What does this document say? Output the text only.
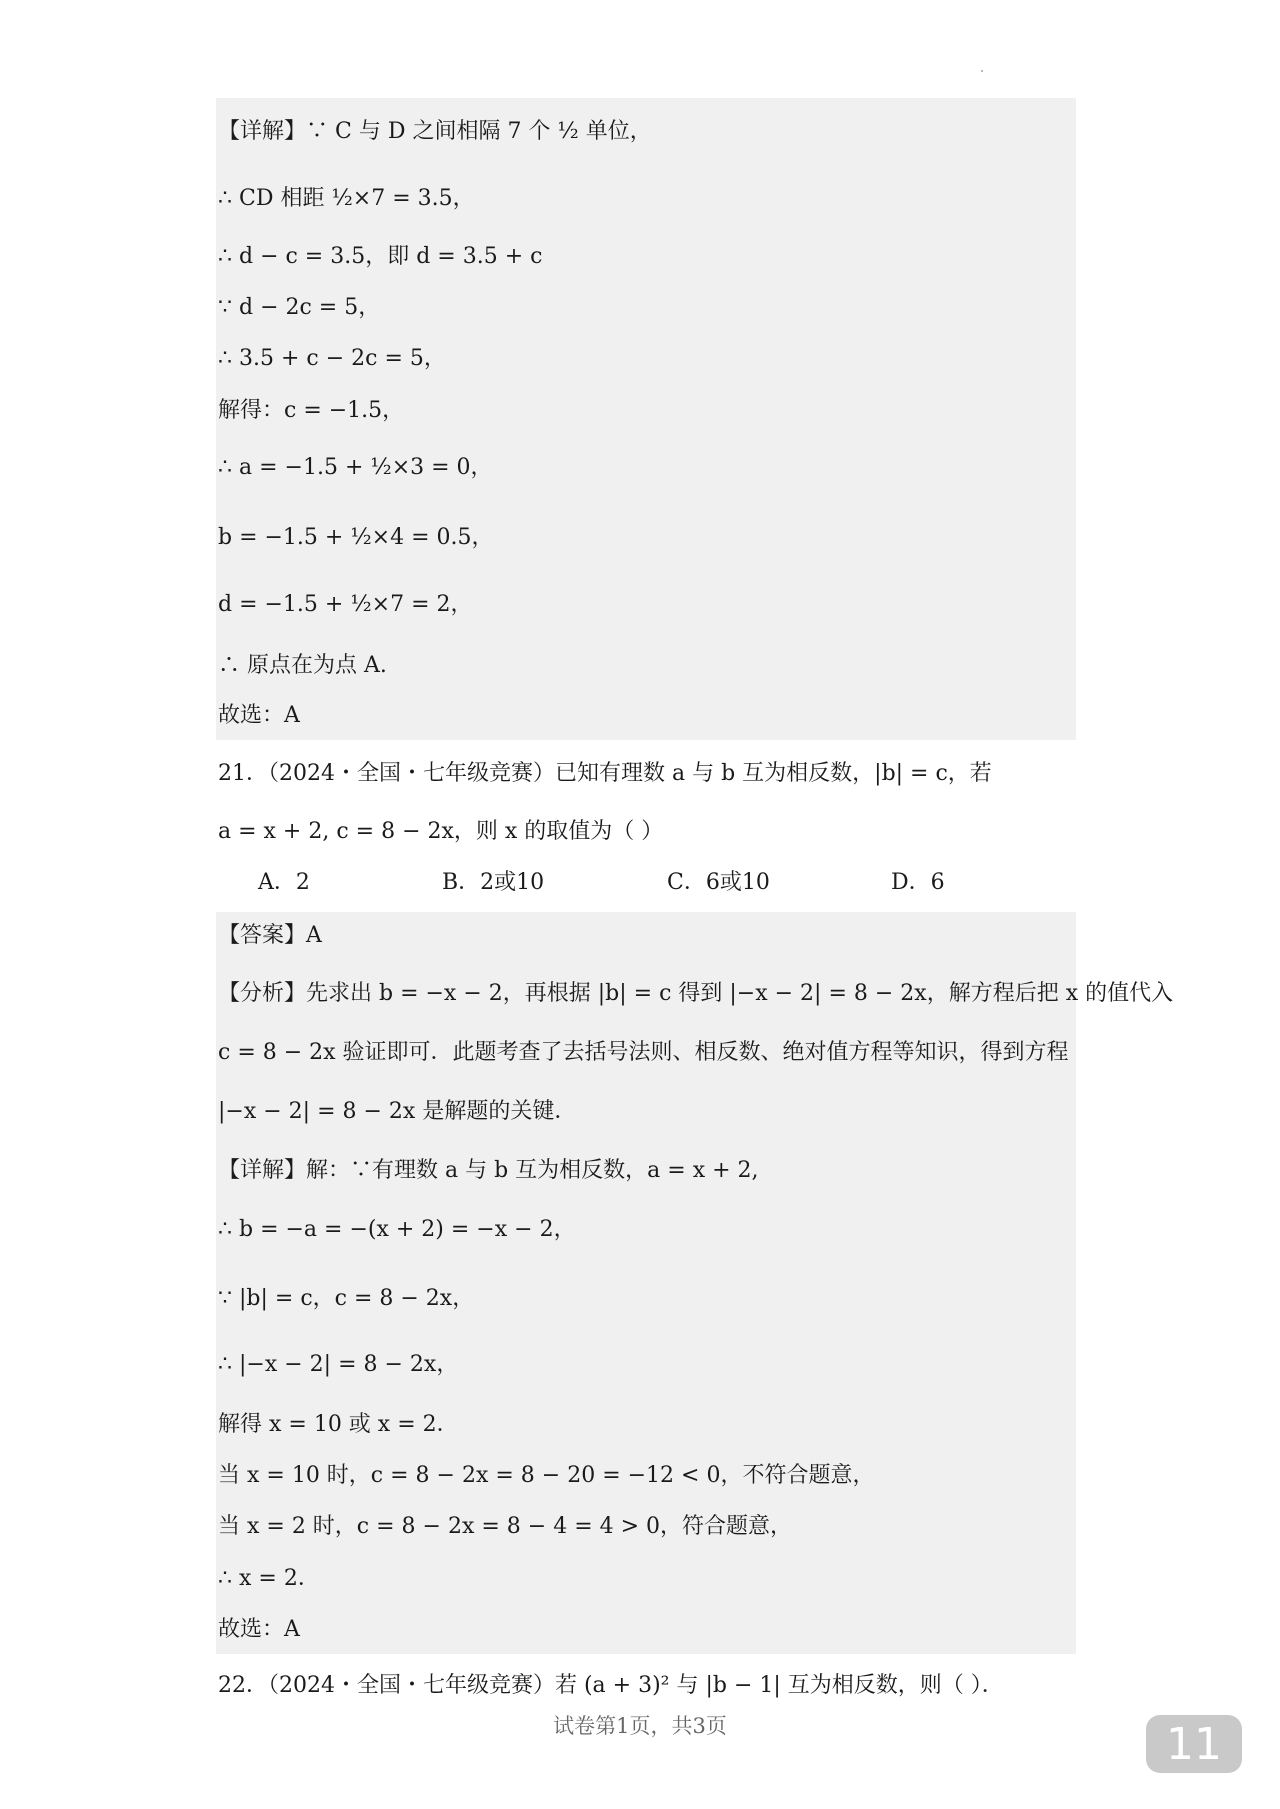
【详解】∵ C 与 D 之间相隔 7 个 ½ 单位，
∴ CD 相距 ½×7 = 3.5，
∴ d − c = 3.5，即 d = 3.5 + c
∵ d − 2c = 5，
∴ 3.5 + c − 2c = 5，
解得：c = −1.5，
∴ a = −1.5 + ½×3 = 0，
b = −1.5 + ½×4 = 0.5，
d = −1.5 + ½×7 = 2，
∴ 原点在为点 A.
故选：A
21．（2024・全国・七年级竞赛）已知有理数 a 与 b 互为相反数，|b| = c，若
a = x + 2, c = 8 − 2x，则 x 的取值为（ ）
A．2	B．2或10	C．6或10	D．6
【答案】A
【分析】先求出 b = −x − 2，再根据 |b| = c 得到 |−x − 2| = 8 − 2x，解方程后把 x 的值代入
c = 8 − 2x 验证即可．此题考查了去括号法则、相反数、绝对值方程等知识，得到方程
|−x − 2| = 8 − 2x 是解题的关键．
【详解】解：∵有理数 a 与 b 互为相反数，a = x + 2,
∴ b = −a = −(x + 2) = −x − 2，
∵ |b| = c，c = 8 − 2x，
∴ |−x − 2| = 8 − 2x，
解得 x = 10 或 x = 2．
当 x = 10 时，c = 8 − 2x = 8 − 20 = −12 < 0，不符合题意，
当 x = 2 时，c = 8 − 2x = 8 − 4 = 4 > 0，符合题意，
∴ x = 2．
故选：A
22．（2024・全国・七年级竞赛）若 (a + 3)² 与 |b − 1| 互为相反数，则（ ）．
试卷第1页，共3页	11
